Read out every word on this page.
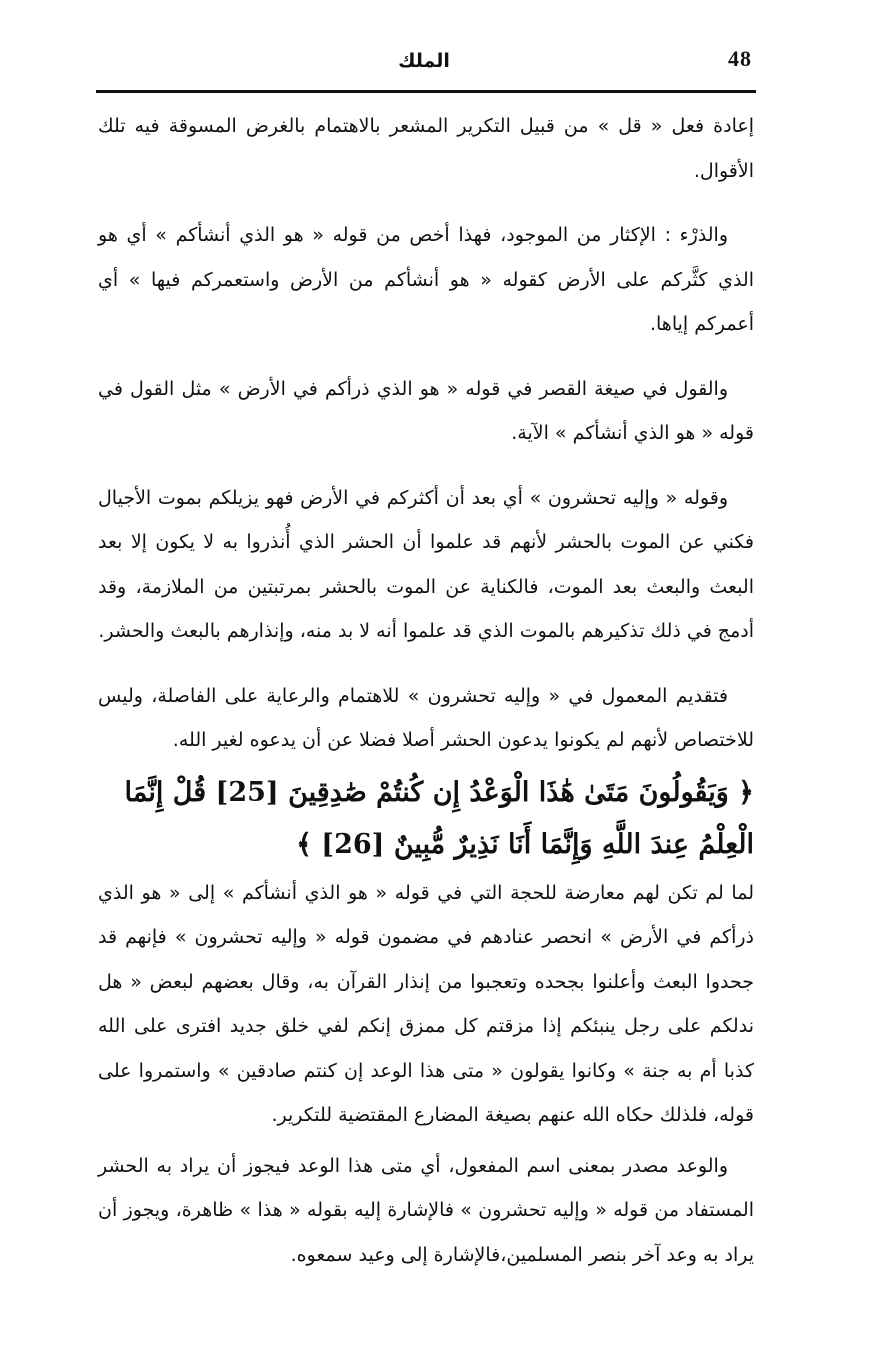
48
الملك

إعادة فعل « قل » من قبيل التكرير المشعر بالاهتمام بالغرض المسوقة فيه تلك الأقوال.

والذرْء : الإكثار من الموجود، فهذا أخص من قوله « هو الذي أنشأكم » أي هو الذي كثَّركم على الأرض كقوله « هو أنشأكم من الأرض واستعمركم فيها » أي أعمركم إياها.

والقول في صيغة القصر في قوله « هو الذي ذرأكم في الأرض » مثل القول في قوله « هو الذي أنشأكم » الآية.

وقوله « وإليه تحشرون » أي بعد أن أكثركم في الأرض فهو يزيلكم بموت الأجيال فكني عن الموت بالحشر لأنهم قد علموا أن الحشر الذي أُنذروا به لا يكون إلا بعد البعث والبعث بعد الموت، فالكناية عن الموت بالحشر بمرتبتين من الملازمة، وقد أدمج في ذلك تذكيرهم بالموت الذي قد علموا أنه لا بد منه، وإنذارهم بالبعث والحشر.

فتقديم المعمول في « وإليه تحشرون » للاهتمام والرعاية على الفاصلة، وليس للاختصاص لأنهم لم يكونوا يدعون الحشر أصلا فضلا عن أن يدعوه لغير الله.

﴿ وَيَقُولُونَ مَتَىٰ هَٰذَا الْوَعْدُ إِن كُنتُمْ صَٰدِقِينَ [25] قُلْ إِنَّمَا الْعِلْمُ عِندَ اللَّهِ وَإِنَّمَا أَنَا نَذِيرٌ مُّبِينٌ [26] ﴾

لما لم تكن لهم معارضة للحجة التي في قوله « هو الذي أنشأكم » إلى « هو الذي ذرأكم في الأرض » انحصر عنادهم في مضمون قوله « وإليه تحشرون » فإنهم قد جحدوا البعث وأعلنوا بجحده وتعجبوا من إنذار القرآن به، وقال بعضهم لبعض « هل ندلكم على رجل ينبئكم إذا مزقتم كل ممزق إنكم لفي خلق جديد افترى على الله كذبا أم به جنة » وكانوا يقولون « متى هذا الوعد إن كنتم صادقين » واستمروا على قوله، فلذلك حكاه الله عنهم بصيغة المضارع المقتضية للتكرير.

والوعد مصدر بمعنى اسم المفعول، أي متى هذا الوعد فيجوز أن يراد به الحشر المستفاد من قوله « وإليه تحشرون » فالإشارة إليه بقوله « هذا » ظاهرة، ويجوز أن يراد به وعد آخر بنصر المسلمين،فالإشارة إلى وعيد سمعوه.
